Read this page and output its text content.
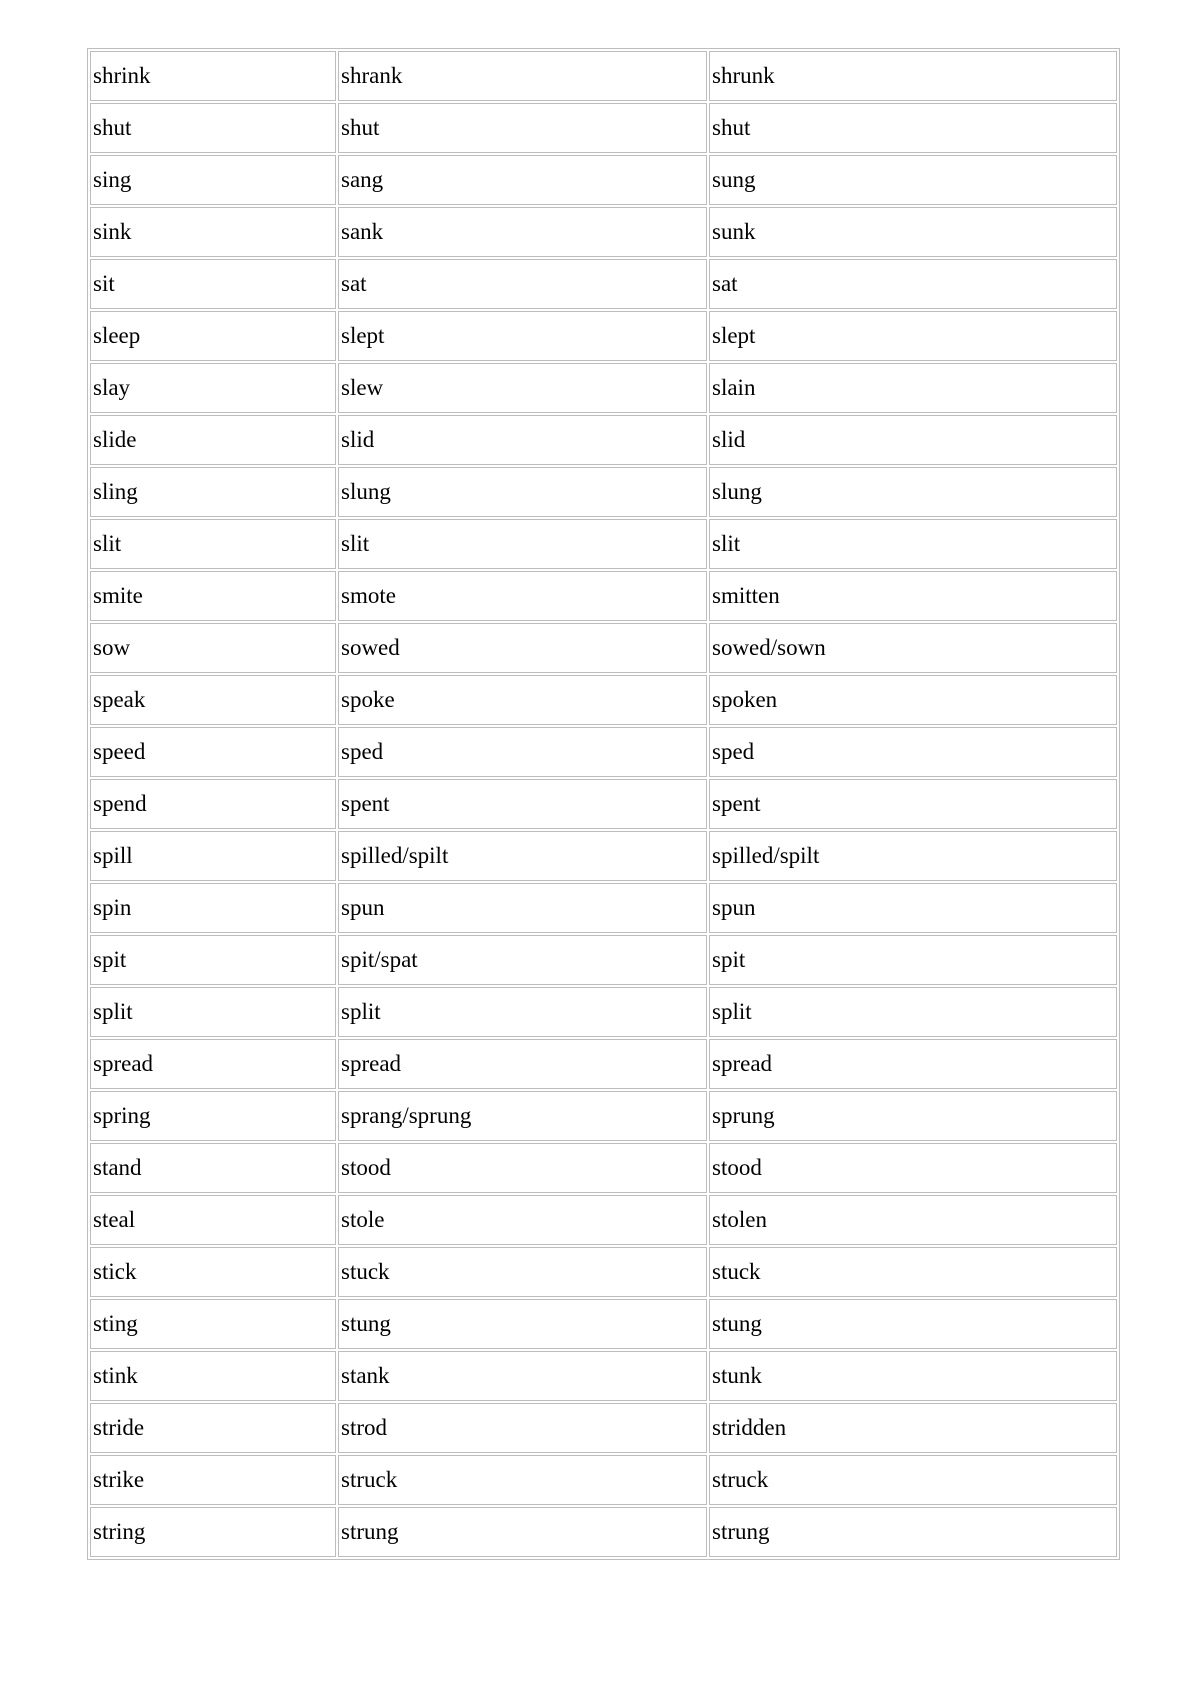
shrink	shrank	shrunk
shut	shut	shut
sing	sang	sung
sink	sank	sunk
sit	sat	sat
sleep	slept	slept
slay	slew	slain
slide	slid	slid
sling	slung	slung
slit	slit	slit
smite	smote	smitten
sow	sowed	sowed/sown
speak	spoke	spoken
speed	sped	sped
spend	spent	spent
spill	spilled/spilt	spilled/spilt
spin	spun	spun
spit	spit/spat	spit
split	split	split
spread	spread	spread
spring	sprang/sprung	sprung
stand	stood	stood
steal	stole	stolen
stick	stuck	stuck
sting	stung	stung
stink	stank	stunk
stride	strod	stridden
strike	struck	struck
string	strung	strung
